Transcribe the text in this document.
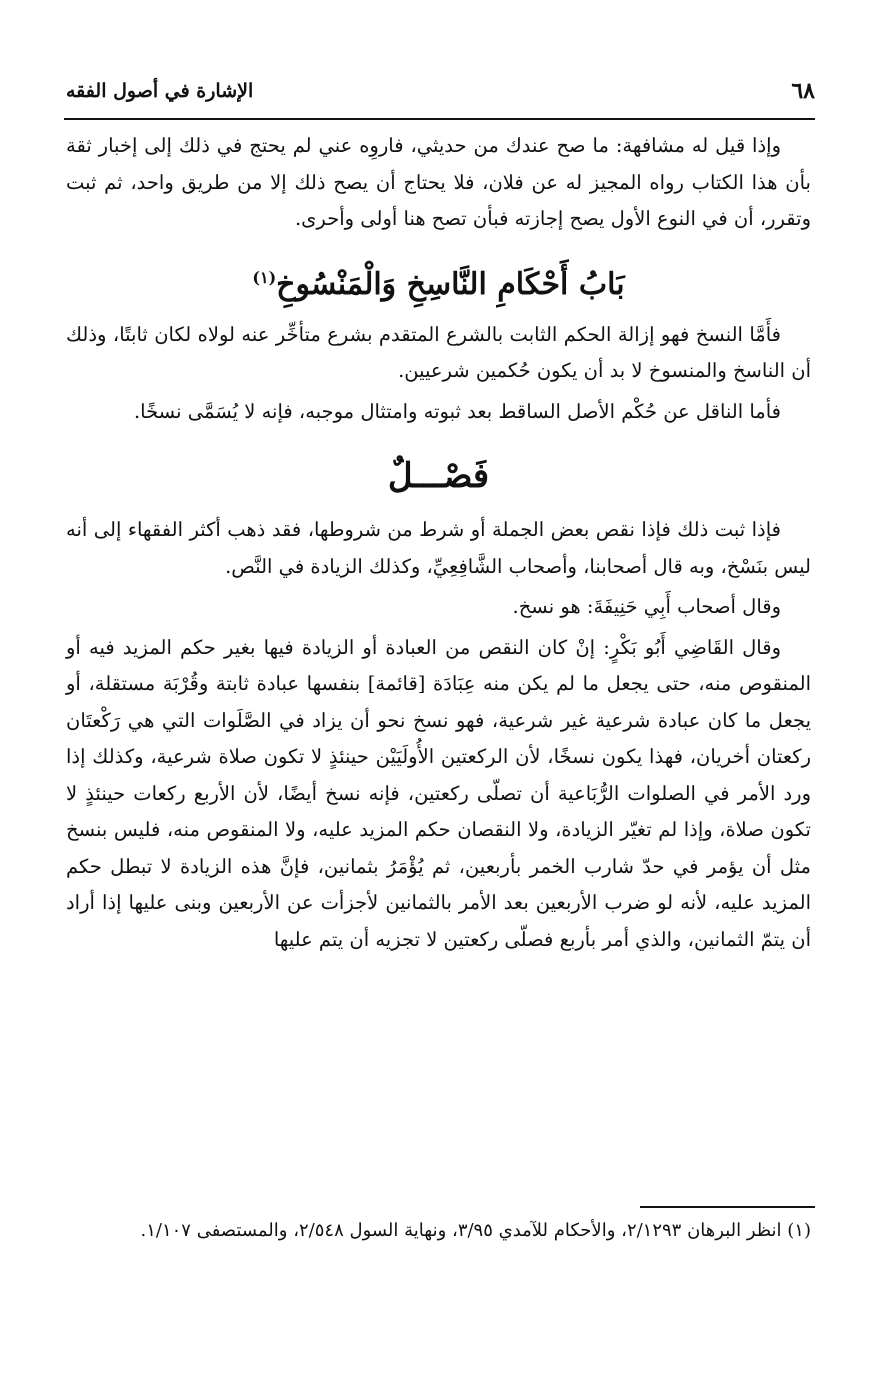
٦٨
الإشارة في أصول الفقه

وإذا قيل له مشافهة: ما صح عندك من حديثي، فاروِه عني لم يحتج في ذلك إلى إخبار ثقة بأن هذا الكتاب رواه المجيز له عن فلان، فلا يحتاج أن يصح ذلك إلا من طريق واحد، ثم ثبت وتقرر، أن في النوع الأول يصح إجازته فبأن تصح هنا أولى وأحرى.

بَابُ أَحْكَامِ النَّاسِخِ وَالْمَنْسُوخِ$^{(١)}$

فأَمَّا النسخ فهو إزالة الحكم الثابت بالشرع المتقدم بشرع متأخِّر عنه لولاه لكان ثابتًا، وذلك أن الناسخ والمنسوخ لا بد أن يكون حُكمين شرعيين.

فأما الناقل عن حُكْم الأصل الساقط بعد ثبوته وامتثال موجبه، فإنه لا يُسَمَّى نسخًا.

فَصْـــلٌ

فإذا ثبت ذلك فإذا نقص بعض الجملة أو شرط من شروطها، فقد ذهب أكثر الفقهاء إلى أنه ليس بنَسْخ، وبه قال أصحابنا، وأصحاب الشَّافِعِيِّ، وكذلك الزيادة في النَّص.

وقال أصحاب أَبِي حَنِيفَةَ: هو نسخ.

وقال القَاضِي أَبُو بَكْرٍ: إنْ كان النقص من العبادة أو الزيادة فيها بغير حكم المزيد فيه أو المنقوص منه، حتى يجعل ما لم يكن منه عِبَادَة [قائمة] بنفسها عبادة ثابتة وقُرْبَة مستقلة، أو يجعل ما كان عبادة شرعية غير شرعية، فهو نسخ نحو أن يزاد في الصَّلَوات التي هي رَكْعتَان ركعتان أخريان، فهذا يكون نسخًا، لأن الركعتين الأُولَيَيْن حينئذٍ لا تكون صلاة شرعية، وكذلك إذا ورد الأمر في الصلوات الرُّبَاعية أن تصلّى ركعتين، فإنه نسخ أيضًا، لأن الأربع ركعات حينئذٍ لا تكون صلاة، وإذا لم تغيّر الزيادة، ولا النقصان حكم المزيد عليه، ولا المنقوص منه، فليس بنسخ مثل أن يؤمر في حدّ شارب الخمر بأربعين، ثم يُؤْمَرُ بثمانين، فإنَّ هذه الزيادة لا تبطل حكم المزيد عليه، لأنه لو ضرب الأربعين بعد الأمر بالثمانين لأجزأت عن الأربعين وبنى عليها إذا أراد أن يتمّ الثمانين، والذي أمر بأربع فصلّى ركعتين لا تجزيه أن يتم عليها

(١) انظر البرهان ٢/١٢٩٣، والأحكام للآمدي ٣/٩٥، ونهاية السول ٢/٥٤٨، والمستصفى ١/١٠٧.
